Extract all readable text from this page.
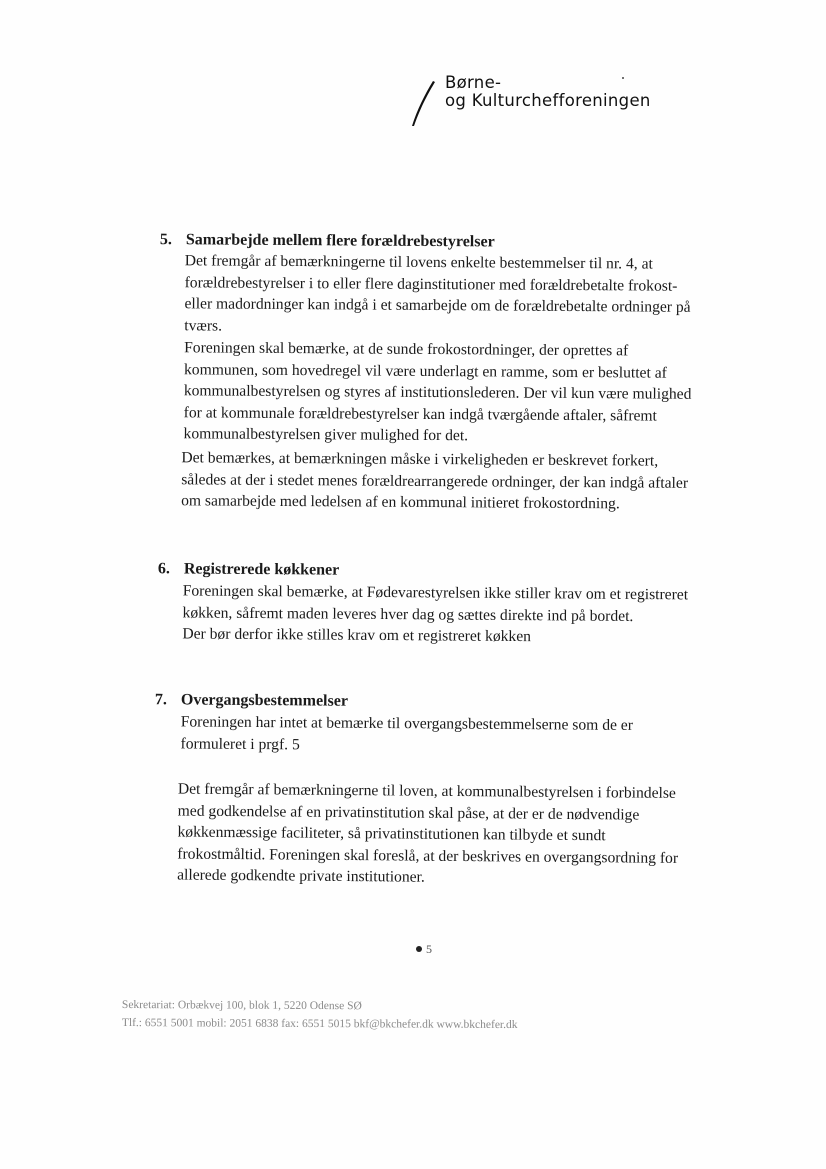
Børne-
og Kulturchefforeningen
5. Samarbejde mellem flere forældrebestyrelser

Det fremgår af bemærkningerne til lovens enkelte bestemmelser til nr. 4, at
forældrebestyrelser i to eller flere daginstitutioner med forældrebetalte frokost-
eller madordninger kan indgå i et samarbejde om de forældrebetalte ordninger på
tværs.

Foreningen skal bemærke, at de sunde frokostordninger, der oprettes af
kommunen, som hovedregel vil være underlagt en ramme, som er besluttet af
kommunalbestyrelsen og styres af institutionslederen. Der vil kun være mulighed
for at kommunale forældrebestyrelser kan indgå tværgående aftaler, såfremt
kommunalbestyrelsen giver mulighed for det.

Det bemærkes, at bemærkningen måske i virkeligheden er beskrevet forkert,
således at der i stedet menes forældrearrangerede ordninger, der kan indgå aftaler
om samarbejde med ledelsen af en kommunal initieret frokostordning.

6. Registrerede køkkener

Foreningen skal bemærke, at Fødevarestyrelsen ikke stiller krav om et registreret
køkken, såfremt maden leveres hver dag og sættes direkte ind på bordet.
Der bør derfor ikke stilles krav om et registreret køkken

7. Overgangsbestemmelser

Foreningen har intet at bemærke til overgangsbestemmelserne som de er
formuleret i prgf. 5

Det fremgår af bemærkningerne til loven, at kommunalbestyrelsen i forbindelse
med godkendelse af en privatinstitution skal påse, at der er de nødvendige
køkkenmæssige faciliteter, så privatinstitutionen kan tilbyde et sundt
frokostmåltid. Foreningen skal foreslå, at der beskrives en overgangsordning for
allerede godkendte private institutioner.

5
Sekretariat: Orbækvej 100, blok 1, 5220 Odense SØ
Tlf.: 6551 5001 mobil: 2051 6838 fax: 6551 5015 bkf@bkchefer.dk www.bkchefer.dk
